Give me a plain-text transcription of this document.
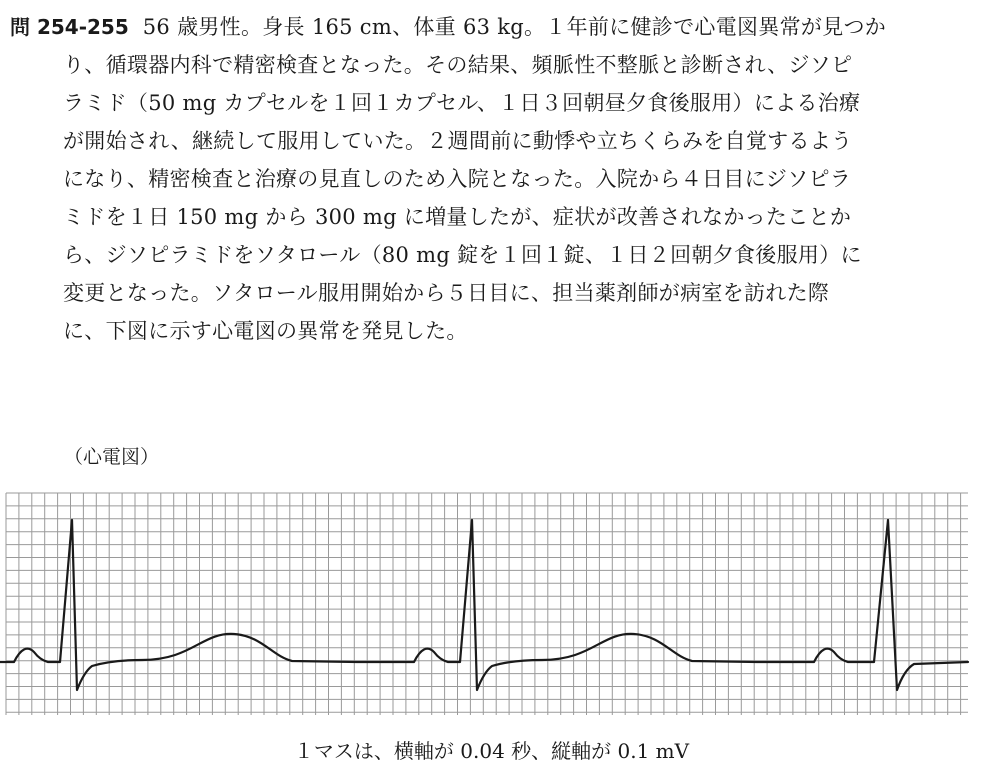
問 254-255 56 歳男性。身長 165 cm、体重 63 kg。１年前に健診で心電図異常が見つか
り、循環器内科で精密検査となった。その結果、頻脈性不整脈と診断され、ジソピ
ラミド（50 mg カプセルを１回１カプセル、１日３回朝昼夕食後服用）による治療
が開始され、継続して服用していた。２週間前に動悸や立ちくらみを自覚するよう
になり、精密検査と治療の見直しのため入院となった。入院から４日目にジソピラ
ミドを１日 150 mg から 300 mg に増量したが、症状が改善されなかったことか
ら、ジソピラミドをソタロール（80 mg 錠を１回１錠、１日２回朝夕食後服用）に
変更となった。ソタロール服用開始から５日目に、担当薬剤師が病室を訪れた際
に、下図に示す心電図の異常を発見した。
（心電図）
１マスは、横軸が 0.04 秒、縦軸が 0.1 mV
